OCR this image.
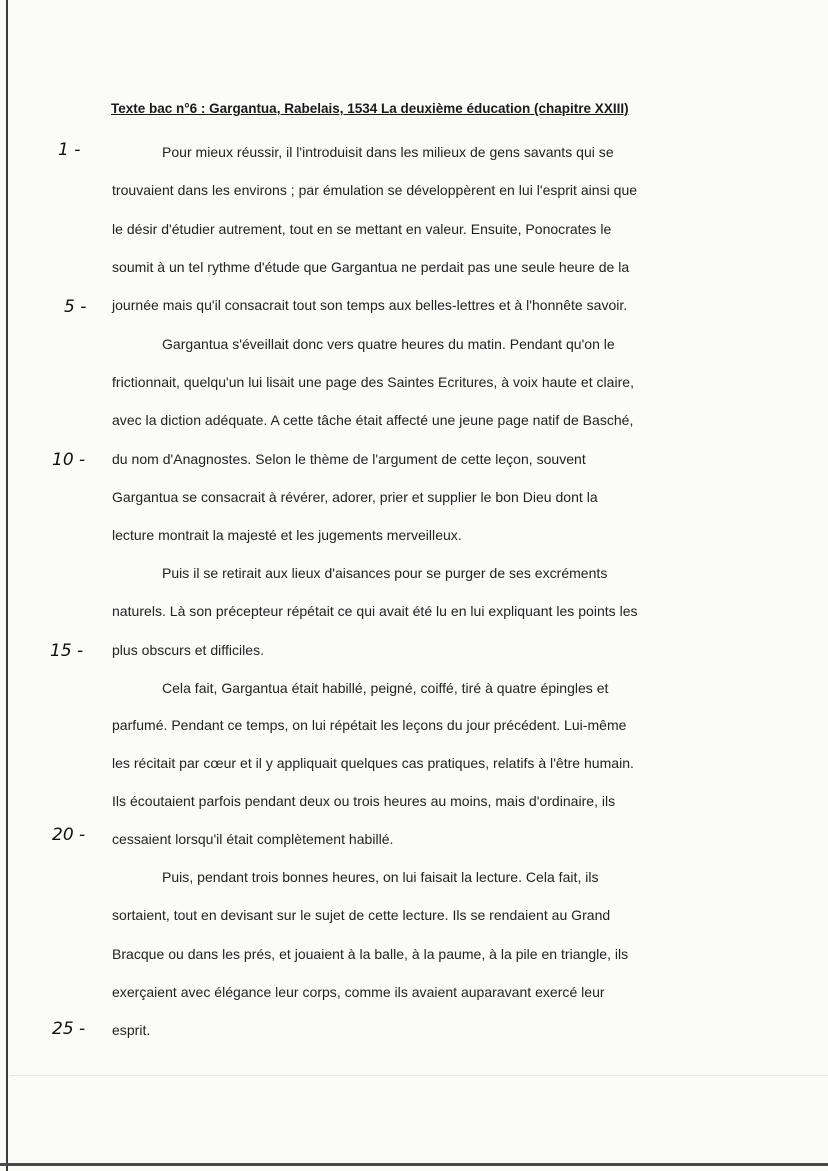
Texte bac n°6 : Gargantua, Rabelais, 1534 La deuxième éducation (chapitre XXIII)
1 -
5 -
10 -
15 -
20 -
25 -
Pour mieux réussir, il l'introduisit dans les milieux de gens savants qui se
trouvaient dans les environs ; par émulation se développèrent en lui l'esprit ainsi que
le désir d'étudier autrement, tout en se mettant en valeur. Ensuite, Ponocrates le
soumit à un tel rythme d'étude que Gargantua ne perdait pas une seule heure de la
journée mais qu'il consacrait tout son temps aux belles-lettres et à l'honnête savoir.
Gargantua s'éveillait donc vers quatre heures du matin. Pendant qu'on le
frictionnait, quelqu'un lui lisait une page des Saintes Ecritures, à voix haute et claire,
avec la diction adéquate. A cette tâche était affecté une jeune page natif de Basché,
du nom d'Anagnostes. Selon le thème de l'argument de cette leçon, souvent
Gargantua se consacrait à révérer, adorer, prier et supplier le bon Dieu dont la
lecture montrait la majesté et les jugements merveilleux.
Puis il se retirait aux lieux d'aisances pour se purger de ses excréments
naturels. Là son précepteur répétait ce qui avait été lu en lui expliquant les points les
plus obscurs et difficiles.
Cela fait, Gargantua était habillé, peigné, coiffé, tiré à quatre épingles et
parfumé. Pendant ce temps, on lui répétait les leçons du jour précédent. Lui-même
les récitait par cœur et il y appliquait quelques cas pratiques, relatifs à l'être humain.
Ils écoutaient parfois pendant deux ou trois heures au moins, mais d'ordinaire, ils
cessaient lorsqu'il était complètement habillé.
Puis, pendant trois bonnes heures, on lui faisait la lecture. Cela fait, ils
sortaient, tout en devisant sur le sujet de cette lecture. Ils se rendaient au Grand
Bracque ou dans les prés, et jouaient à la balle, à la paume, à la pile en triangle, ils
exerçaient avec élégance leur corps, comme ils avaient auparavant exercé leur
esprit.
